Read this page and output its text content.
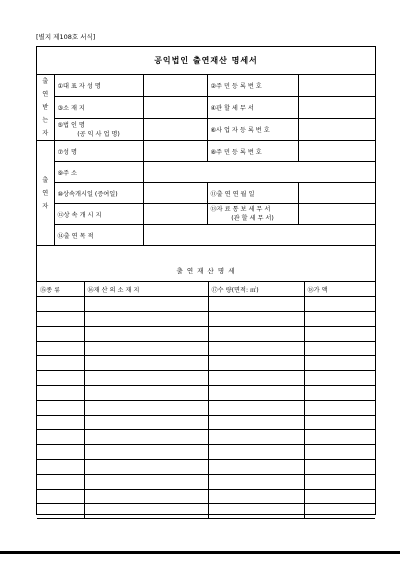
[별지 제108호 서식]
공익법인 출연재산 명세서
출
연
받
는
자	①대 표 자 성 명		②주 민 등 록 번 호	
	③소 재 지		④관 할 세 무 서	

	⑤법 인 명
(공 익 사 업 명)		⑥사 업 자 등 록 번 호	
출
연
자	⑦성 명		⑧주 민 등 록 번 호	
	⑨주 소			
	⑩상속개시일 (증여일)		⑪출 연 연 월 일	
	⑫상 속 개 시 지		⑬자 료 통 보 세 무 서
(관 할 세 무 서)	

	⑭출 연 목 적			
출 연 재 산 명 세
⑮종 류	⑯재 산 의 소 재 지	⑰수 량(면적: ㎡)	⑱가 액
